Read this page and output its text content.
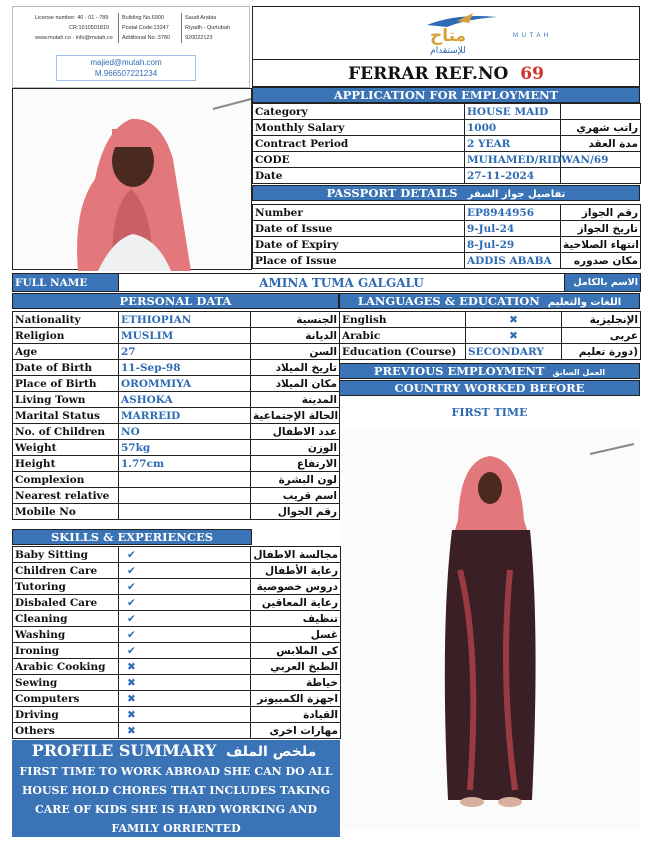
License number: 40 - 01 - 789
CR:1010501810
www.mutah.co · info@mutah.co
Building No.6900
Postal Code:13247
Additional No.:3780
Saudi Arabia
Riyadh - Qurtubah
920022123
majied@mutah.com
M.966507221234
متاح	M U T A H
للإستقدام
FERRAR REF.NO 69
APPLICATION FOR EMPLOYMENT
Category	HOUSE MAID	
Monthly Salary	1000	راتب شهري
Contract Period	2 YEAR	مدة العقد
CODE	MUHAMED/RIDWAN/69	
Date	27-11-2024	
PASSPORT DETAILS تفاصيل جواز السفر
Number	EP8944956	رقم الجواز
Date of Issue	9-Jul-24	تاريخ الجواز
Date of Expiry	8-Jul-29	انتهاء الصلاحية
Place of Issue	ADDIS ABABA	مكان صدوره
FULL NAME	AMINA TUMA GALGALU	الاسم بالكامل
PERSONAL DATA
Nationality	ETHIOPIAN	الجنسية
Religion	MUSLIM	الديانة
Age	27	السن
Date of Birth	11-Sep-98	تاريخ الميلاد
Place of Birth	OROMMIYA	مكان الميلاد
Living Town	ASHOKA	المدينة
Marital Status	MARREID	الحالة الإجتماعية
No. of Children	NO	عدد الاطفال
Weight	57kg	الوزن
Height	1.77cm	الارتفاع
Complexion		لون البشرة
Nearest relative		اسم قريب
Mobile No		رقم الجوال
LANGUAGES & EDUCATION اللغات والتعليم
English	✖	الإنجليزية
Arabic	✖	عربى
Education (Course)	SECONDARY	دورة تعليم)
PREVIOUS EMPLOYMENT العمل السابق
COUNTRY WORKED BEFORE
FIRST TIME
SKILLS & EXPERIENCES
Baby Sitting	✔	مجالسة الاطفال
Children Care	✔	رعاية الأطفال
Tutoring	✔	دروس خصوصية
Disbaled Care	✔	رعاية المعاقين
Cleaning	✔	تنظيف
Washing	✔	غسل
Ironing	✔	كى الملابس
Arabic Cooking	✖	الطبخ العربي
Sewing	✖	خياطة
Computers	✖	اجهزة الكمبيوتر
Driving	✖	القيادة
Others	✖	مهارات اخرى
PROFILE SUMMARY ملخص الملف FIRST TIME TO WORK ABROAD SHE CAN DO ALL HOUSE HOLD CHORES THAT INCLUDES TAKING CARE OF KIDS SHE IS HARD WORKING AND FAMILY ORRIENTED
